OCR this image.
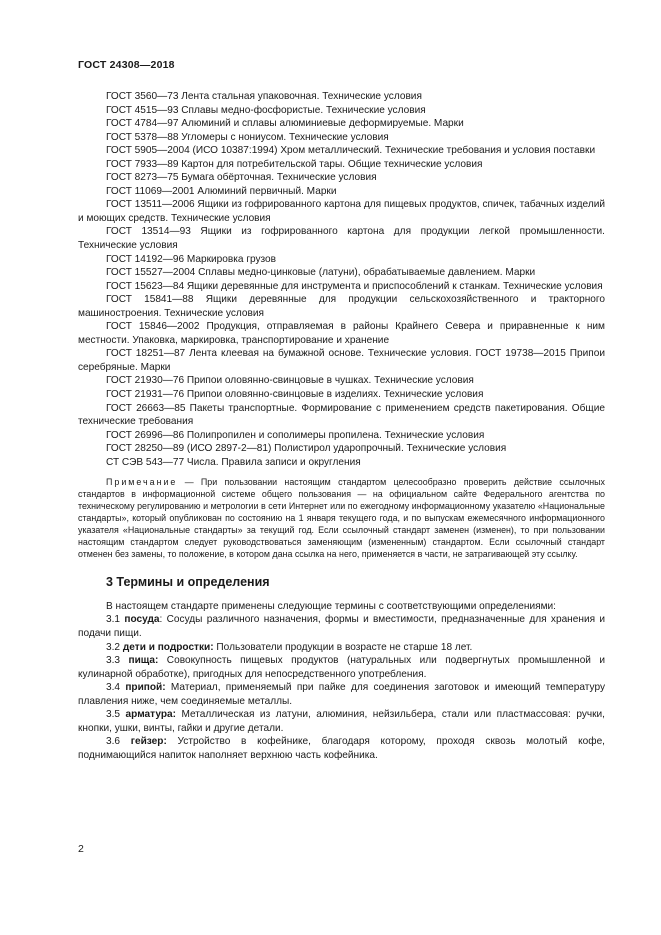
ГОСТ 24308—2018

ГОСТ 3560—73 Лента стальная упаковочная. Технические условия

ГОСТ 4515—93 Сплавы медно-фосфористые. Технические условия

ГОСТ 4784—97 Алюминий и сплавы алюминиевые деформируемые. Марки

ГОСТ 5378—88 Угломеры с нониусом. Технические условия

ГОСТ 5905—2004 (ИСО 10387:1994) Хром металлический. Технические требования и условия поставки

ГОСТ 7933—89 Картон для потребительской тары. Общие технические условия

ГОСТ 8273—75 Бумага обёрточная. Технические условия

ГОСТ 11069—2001 Алюминий первичный. Марки

ГОСТ 13511—2006 Ящики из гофрированного картона для пищевых продуктов, спичек, табачных изделий и моющих средств. Технические условия

ГОСТ 13514—93 Ящики из гофрированного картона для продукции легкой промышленности. Технические условия

ГОСТ 14192—96 Маркировка грузов

ГОСТ 15527—2004 Сплавы медно-цинковые (латуни), обрабатываемые давлением. Марки

ГОСТ 15623—84 Ящики деревянные для инструмента и приспособлений к станкам. Технические условия

ГОСТ 15841—88 Ящики деревянные для продукции сельскохозяйственного и тракторного машиностроения. Технические условия

ГОСТ 15846—2002 Продукция, отправляемая в районы Крайнего Севера и приравненные к ним местности. Упаковка, маркировка, транспортирование и хранение

ГОСТ 18251—87 Лента клеевая на бумажной основе. Технические условия. ГОСТ 19738—2015 Припои серебряные. Марки

ГОСТ 21930—76 Припои оловянно-свинцовые в чушках. Технические условия

ГОСТ 21931—76 Припои оловянно-свинцовые в изделиях. Технические условия

ГОСТ 26663—85 Пакеты транспортные. Формирование с применением средств пакетирования. Общие технические требования

ГОСТ 26996—86 Полипропилен и сополимеры пропилена. Технические условия

ГОСТ 28250—89 (ИСО 2897-2—81) Полистирол ударопрочный. Технические условия

СТ СЭВ 543—77 Числа. Правила записи и округления

Примечание — При пользовании настоящим стандартом целесообразно проверить действие ссылочных стандартов в информационной системе общего пользования — на официальном сайте Федерального агентства по техническому регулированию и метрологии в сети Интернет или по ежегодному информационному указателю «Национальные стандарты», который опубликован по состоянию на 1 января текущего года, и по выпускам ежемесячного информационного указателя «Национальные стандарты» за текущий год. Если ссылочный стандарт заменен (изменен), то при пользовании настоящим стандартом следует руководствоваться заменяющим (измененным) стандартом. Если ссылочный стандарт отменен без замены, то положение, в котором дана ссылка на него, применяется в части, не затрагивающей эту ссылку.

3 Термины и определения

В настоящем стандарте применены следующие термины с соответствующими определениями:

3.1 посуда: Сосуды различного назначения, формы и вместимости, предназначенные для хранения и подачи пищи.

3.2 дети и подростки: Пользователи продукции в возрасте не старше 18 лет.

3.3 пища: Совокупность пищевых продуктов (натуральных или подвергнутых промышленной и кулинарной обработке), пригодных для непосредственного употребления.

3.4 припой: Материал, применяемый при пайке для соединения заготовок и имеющий температуру плавления ниже, чем соединяемые металлы.

3.5 арматура: Металлическая из латуни, алюминия, нейзильбера, стали или пластмассовая: ручки, кнопки, ушки, винты, гайки и другие детали.

3.6 гейзер: Устройство в кофейнике, благодаря которому, проходя сквозь молотый кофе, поднимающийся напиток наполняет верхнюю часть кофейника.

2
